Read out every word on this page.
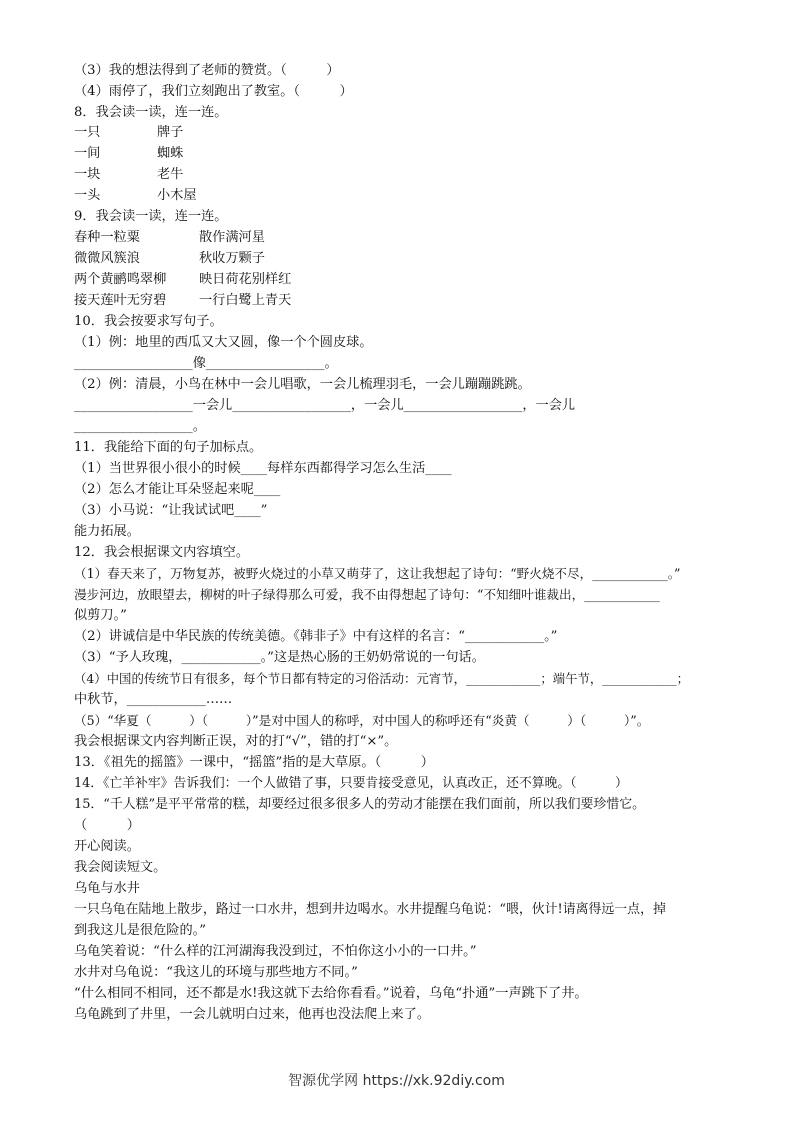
（3）我的想法得到了老师的赞赏。（　　　）
（4）雨停了，我们立刻跑出了教室。（　　　）
8．我会读一读，连一连。
一只	牌子
一间	蜘蛛
一块	老牛
一头	小木屋
9．我会读一读，连一连。
春种一粒粟	散作满河星
微微风簇浪	秋收万颗子
两个黄鹂鸣翠柳 映日荷花别样红
接天莲叶无穷碧 一行白鹭上青天
10．我会按要求写句子。
（1）例：地里的西瓜又大又圆，像一个个圆皮球。
__________________像__________________。
（2）例：清晨，小鸟在林中一会儿唱歌，一会儿梳理羽毛，一会儿蹦蹦跳跳。
__________________一会儿__________________，一会儿__________________，一会儿
__________________。
11．我能给下面的句子加标点。
（1）当世界很小很小的时候____每样东西都得学习怎么生活____
（2）怎么才能让耳朵竖起来呢____
（3）小马说：“让我试试吧____”
能力拓展。
12．我会根据课文内容填空。
（1）春天来了，万物复苏，被野火烧过的小草又萌芽了，这让我想起了诗句：“野火烧不尽，____________。”
漫步河边，放眼望去，柳树的叶子绿得那么可爱，我不由得想起了诗句：“不知细叶谁裁出，____________
似剪刀。”
（2）讲诚信是中华民族的传统美德。《韩非子》中有这样的名言：“____________。”
（3）“予人玫瑰，____________。”这是热心肠的王奶奶常说的一句话。
（4）中国的传统节日有很多，每个节日都有特定的习俗活动：元宵节，____________；端午节，____________；
中秋节，____________……
（5）“华夏（　　　）（　　　）”是对中国人的称呼，对中国人的称呼还有“炎黄（　　　）（　　　）”。
我会根据课文内容判断正误，对的打“√”，错的打“×”。
13．《祖先的摇篮》一课中，“摇篮”指的是大草原。（　　　）
14．《亡羊补牢》告诉我们：一个人做错了事，只要肯接受意见，认真改正，还不算晚。（　　　）
15．“千人糕”是平平常常的糕，却要经过很多很多人的劳动才能摆在我们面前，所以我们要珍惜它。
（　　　）
开心阅读。
我会阅读短文。
乌龟与水井
一只乌龟在陆地上散步，路过一口水井，想到井边喝水。水井提醒乌龟说：“喂，伙计!请离得远一点，掉
到我这儿是很危险的。”
乌龟笑着说：“什么样的江河湖海我没到过，不怕你这小小的一口井。”
水井对乌龟说：“我这儿的环境与那些地方不同。”
“什么相同不相同，还不都是水!我这就下去给你看看。”说着，乌龟“扑通”一声跳下了井。
乌龟跳到了井里，一会儿就明白过来，他再也没法爬上来了。
智源优学网 https://xk.92diy.com
